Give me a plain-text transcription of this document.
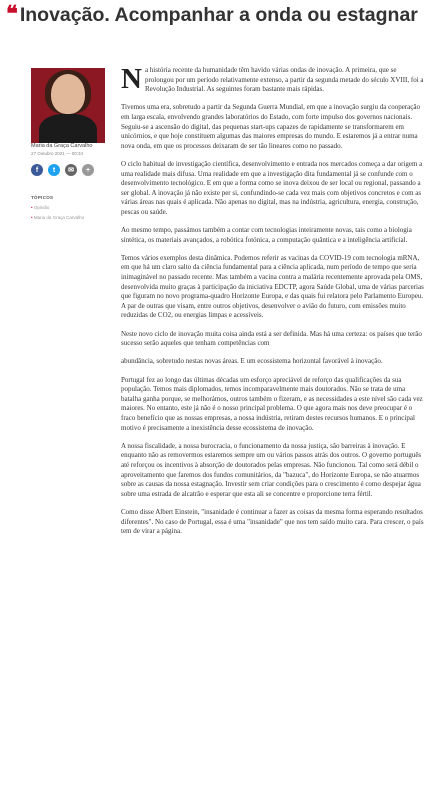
❝ Inovação. Acompanhar a onda ou estagnar
Maria da Graça Carvalho
27 Outubro 2021 — 00:34
f	t	✉	+
TÓPICOS
• Opinião
• Maria da Graça Carvalho

Na história recente da humanidade têm havido várias ondas de inovação. A primeira, que se prolongou por um período relativamente extenso, a partir da segunda metade do século XVIII, foi a Revolução Industrial. As seguintes foram bastante mais rápidas.

Tivemos uma era, sobretudo a partir da Segunda Guerra Mundial, em que a inovação surgiu da cooperação em larga escala, envolvendo grandes laboratórios do Estado, com forte impulso dos governos nacionais. Seguiu-se a ascensão do digital, das pequenas start-ups capazes de rapidamente se transformarem em unicórnios, e que hoje constituem algumas das maiores empresas do mundo. E estaremos já a entrar numa nova onda, em que os processos deixaram de ser tão lineares como no passado.

O ciclo habitual de investigação científica, desenvolvimento e entrada nos mercados começa a dar origem a uma realidade mais difusa. Uma realidade em que a investigação dita fundamental já se confunde com o desenvolvimento tecnológico. E em que a forma como se inova deixou de ser local ou regional, passando a ser global. A inovação já não existe per si, confundindo-se cada vez mais com objetivos concretos e com as várias áreas nas quais é aplicada. Não apenas no digital, mas na indústria, agricultura, energia, construção, pescas ou saúde.

Ao mesmo tempo, passámos também a contar com tecnologias inteiramente novas, tais como a biologia sintética, os materiais avançados, a robótica fotónica, a computação quântica e a inteligência artificial.

Temos vários exemplos desta dinâmica. Podemos referir as vacinas da COVID-19 com tecnologia mRNA, em que há um claro salto da ciência fundamental para a ciência aplicada, num período de tempo que seria inimaginável no passado recente. Mas também a vacina contra a malária recentemente aprovada pela OMS, desenvolvida muito graças à participação da iniciativa EDCTP, agora Saúde Global, uma de várias parcerias que figuram no novo programa-quadro Horizonte Europa, e das quais fui relatora pelo Parlamento Europeu. A par de outras que visam, entre outros objetivos, desenvolver o avião do futuro, com emissões muito reduzidas de CO2, ou energias limpas e acessíveis.

Neste novo ciclo de inovação muita coisa ainda está a ser definida. Mas há uma certeza: os países que terão sucesso serão aqueles que tenham competências com

abundância, sobretudo nestas novas áreas. E um ecossistema horizontal favorável à inovação.

Portugal fez ao longo das últimas décadas um esforço apreciável de reforço das qualificações da sua população. Temos mais diplomados, temos incomparavelmente mais doutorados. Não se trata de uma batalha ganha porque, se melhorámos, outros também o fizeram, e as necessidades a este nível são cada vez maiores. No entanto, este já não é o nosso principal problema. O que agora mais nos deve preocupar é o fraco benefício que as nossas empresas, a nossa indústria, retiram destes recursos humanos. E o principal motivo é precisamente a inexistência desse ecossistema de inovação.

A nossa fiscalidade, a nossa burocracia, o funcionamento da nossa justiça, são barreiras à inovação. E enquanto não as removermos estaremos sempre um ou vários passos atrás dos outros. O governo português até reforçou os incentivos à absorção de doutorados pelas empresas. Não funcionou. Tal como será débil o aproveitamento que faremos dos fundos comunitários, da "bazuca", do Horizonte Europa, se não atuarmos sobre as causas da nossa estagnação. Investir sem criar condições para o crescimento é como despejar água sobre uma estrada de alcatrão e esperar que esta ali se concentre e proporcione terra fértil.

Como disse Albert Einstein, "insanidade é continuar a fazer as coisas da mesma forma esperando resultados diferentes". No caso de Portugal, essa é uma "insanidade" que nos tem saído muito cara. Para crescer, o país tem de virar a página.
